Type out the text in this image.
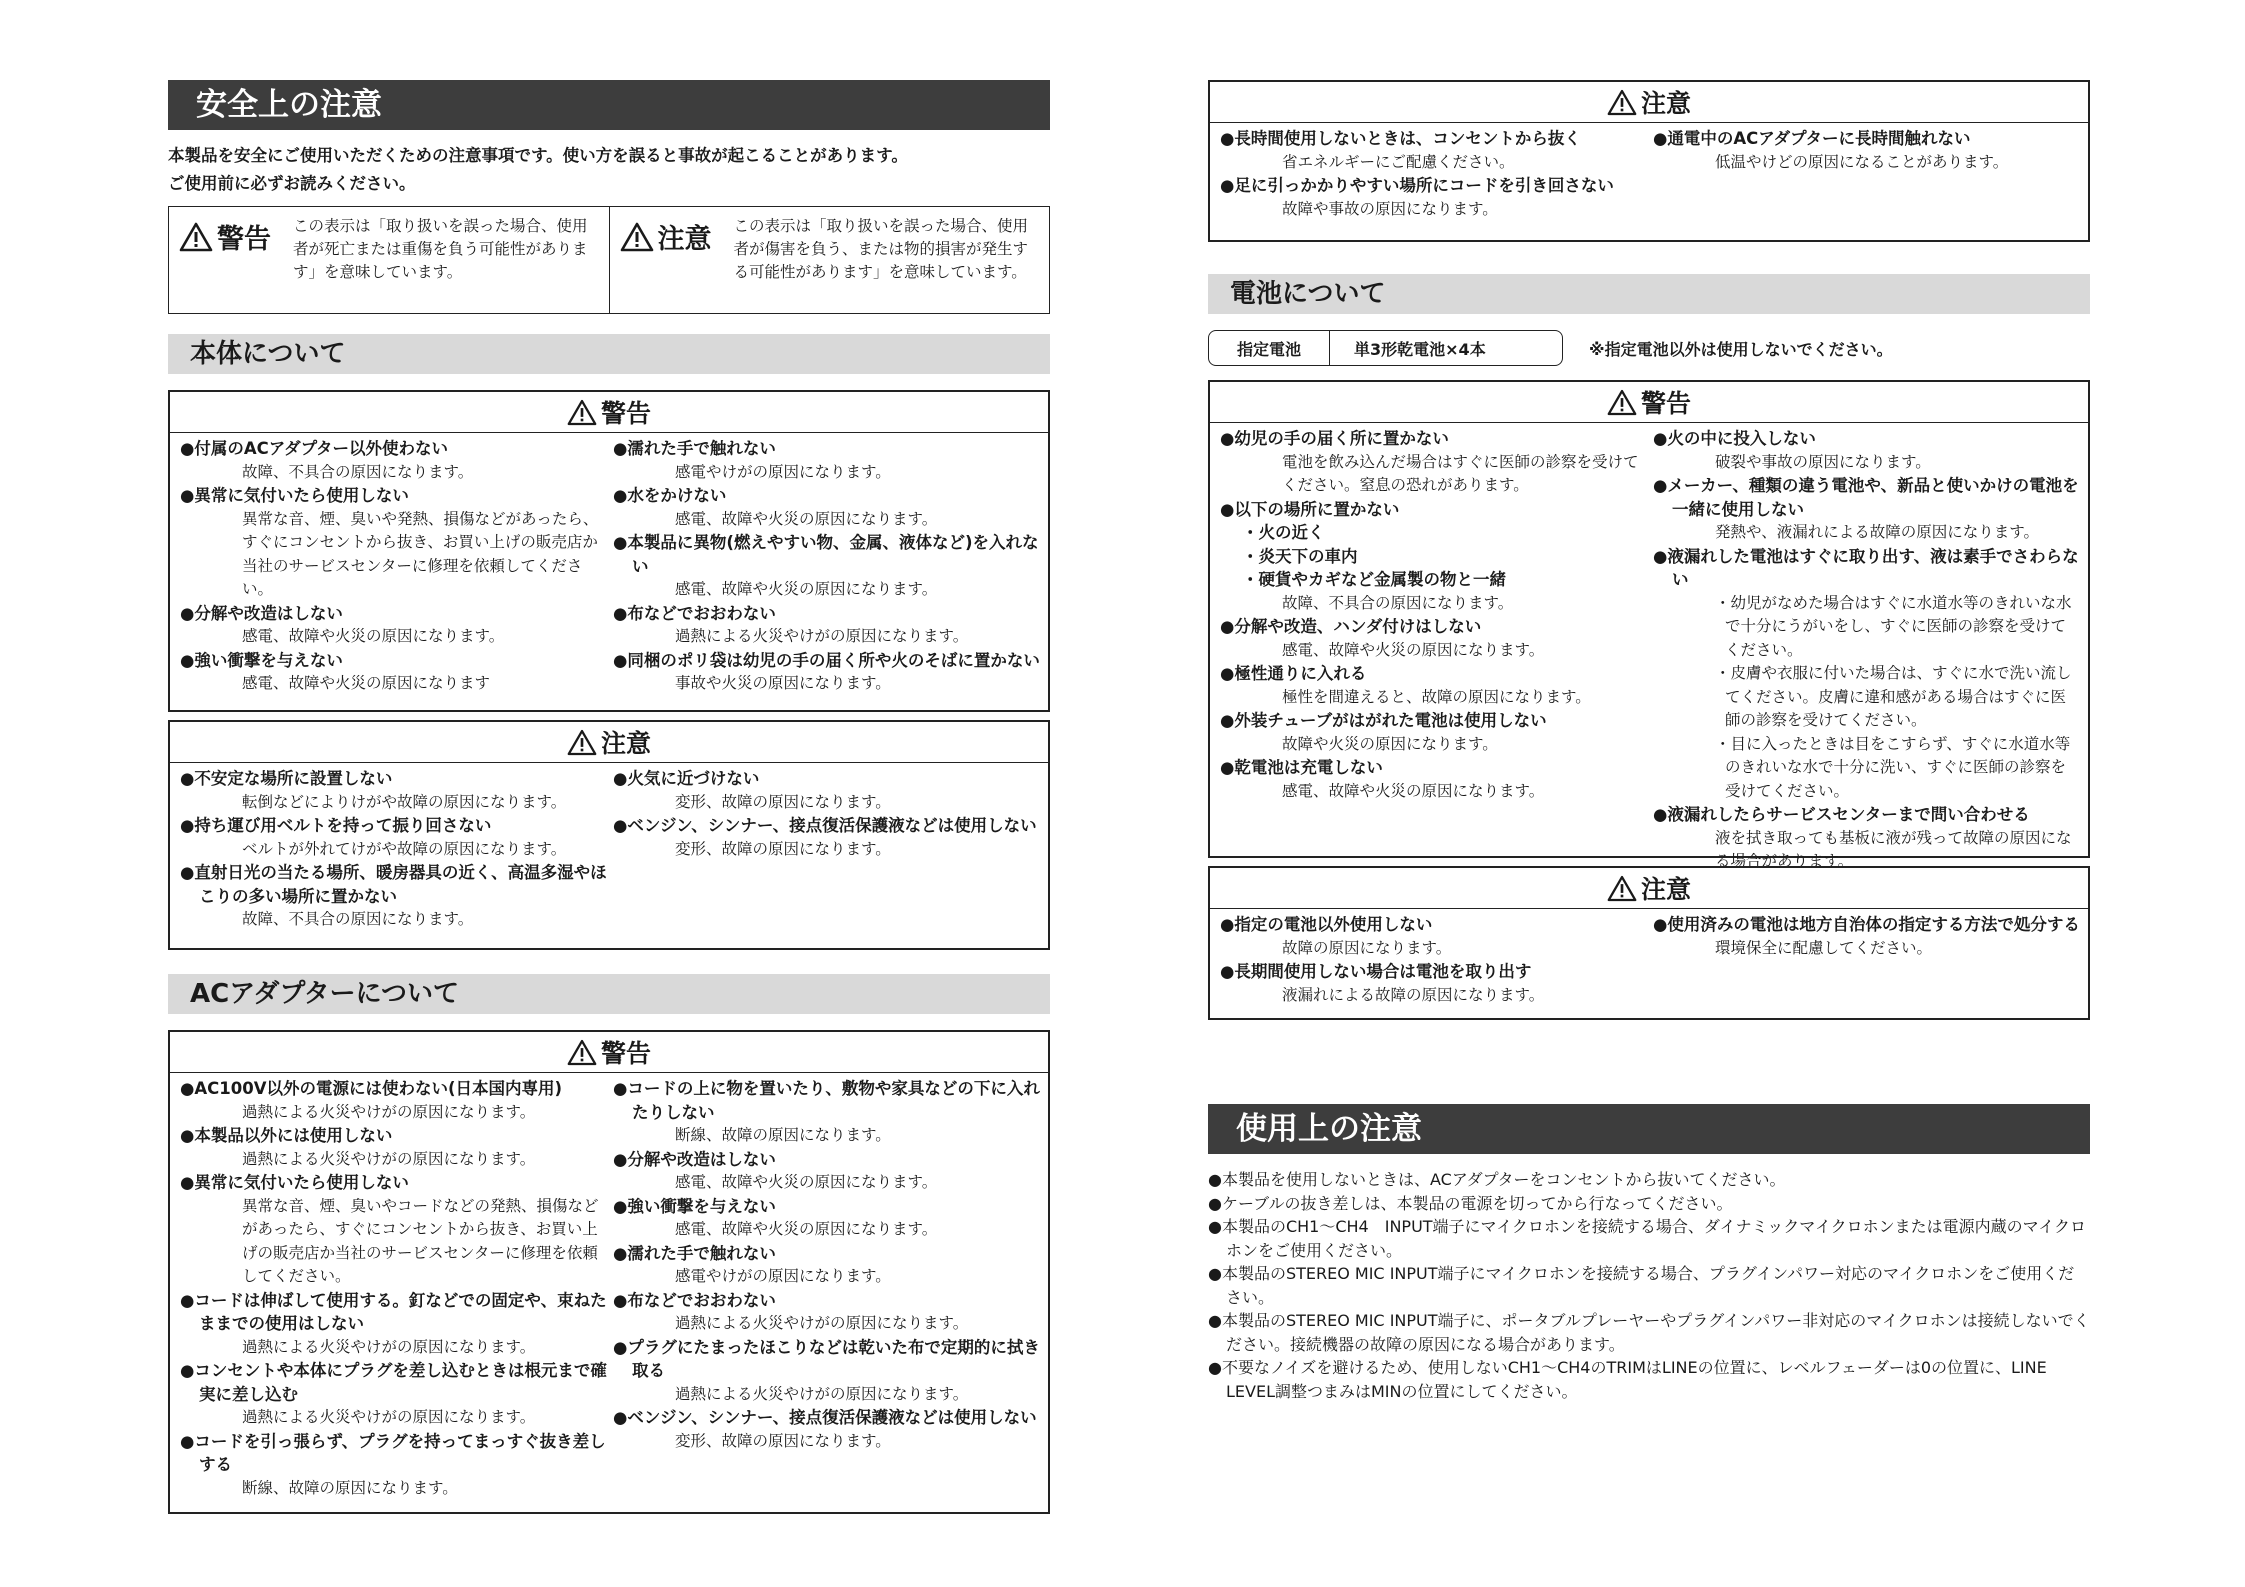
安全上の注意
本製品を安全にご使用いただくための注意事項です。使い方を誤ると事故が起こることがあります。
ご使用前に必ずお読みください。
警告 この表示は「取り扱いを誤った場合、使用者が死亡または重傷を負う可能性があります」を意味しています。
注意 この表示は「取り扱いを誤った場合、使用者が傷害を負う、または物的損害が発生する可能性があります」を意味しています。
本体について
警告
●付属のACアダプター以外使わない
故障、不具合の原因になります。
●異常に気付いたら使用しない
異常な音、煙、臭いや発熱、損傷などがあったら、すぐにコンセントから抜き、お買い上げの販売店か当社のサービスセンターに修理を依頼してください。
●分解や改造はしない
感電、故障や火災の原因になります。
●強い衝撃を与えない
感電、故障や火災の原因になります
●濡れた手で触れない
感電やけがの原因になります。
●水をかけない
感電、故障や火災の原因になります。
●本製品に異物(燃えやすい物、金属、液体など)を入れない
感電、故障や火災の原因になります。
●布などでおおわない
過熱による火災やけがの原因になります。
●同梱のポリ袋は幼児の手の届く所や火のそばに置かない
事故や火災の原因になります。
注意
●不安定な場所に設置しない
転倒などによりけがや故障の原因になります。
●持ち運び用ベルトを持って振り回さない
ベルトが外れてけがや故障の原因になります。
●直射日光の当たる場所、暖房器具の近く、高温多湿やほこりの多い場所に置かない
故障、不具合の原因になります。
●火気に近づけない
変形、故障の原因になります。
●ベンジン、シンナー、接点復活保護液などは使用しない
変形、故障の原因になります。
ACアダプターについて
警告
●AC100V以外の電源には使わない(日本国内専用)
過熱による火災やけがの原因になります。
●本製品以外には使用しない
過熱による火災やけがの原因になります。
●異常に気付いたら使用しない
異常な音、煙、臭いやコードなどの発熱、損傷などがあったら、すぐにコンセントから抜き、お買い上げの販売店か当社のサービスセンターに修理を依頼してください。
●コードは伸ばして使用する。釘などでの固定や、束ねたままでの使用はしない
過熱による火災やけがの原因になります。
●コンセントや本体にプラグを差し込むときは根元まで確実に差し込む
過熱による火災やけがの原因になります。
●コードを引っ張らず、プラグを持ってまっすぐ抜き差しする
断線、故障の原因になります。
●コードの上に物を置いたり、敷物や家具などの下に入れたりしない
断線、故障の原因になります。
●分解や改造はしない
感電、故障や火災の原因になります。
●強い衝撃を与えない
感電、故障や火災の原因になります。
●濡れた手で触れない
感電やけがの原因になります。
●布などでおおわない
過熱による火災やけがの原因になります。
●プラグにたまったほこりなどは乾いた布で定期的に拭き取る
過熱による火災やけがの原因になります。
●ベンジン、シンナー、接点復活保護液などは使用しない
変形、故障の原因になります。
注意
●長時間使用しないときは、コンセントから抜く
省エネルギーにご配慮ください。
●足に引っかかりやすい場所にコードを引き回さない
故障や事故の原因になります。
●通電中のACアダプターに長時間触れない
低温やけどの原因になることがあります。
電池について
指定電池	単3形乾電池×4本	※指定電池以外は使用しないでください。
警告
●幼児の手の届く所に置かない
電池を飲み込んだ場合はすぐに医師の診察を受けてください。窒息の恐れがあります。
●以下の場所に置かない
・火の近く
・炎天下の車内
・硬貨やカギなど金属製の物と一緒
故障、不具合の原因になります。
●分解や改造、ハンダ付けはしない
感電、故障や火災の原因になります。
●極性通りに入れる
極性を間違えると、故障の原因になります。
●外装チューブがはがれた電池は使用しない
故障や火災の原因になります。
●乾電池は充電しない
感電、故障や火災の原因になります。
●火の中に投入しない
破裂や事故の原因になります。
●メーカー、種類の違う電池や、新品と使いかけの電池を一緒に使用しない
発熱や、液漏れによる故障の原因になります。
●液漏れした電池はすぐに取り出す、液は素手でさわらない
・幼児がなめた場合はすぐに水道水等のきれいな水で十分にうがいをし、すぐに医師の診察を受けてください。
・皮膚や衣服に付いた場合は、すぐに水で洗い流してください。皮膚に違和感がある場合はすぐに医師の診察を受けてください。
・目に入ったときは目をこすらず、すぐに水道水等のきれいな水で十分に洗い、すぐに医師の診察を受けてください。
●液漏れしたらサービスセンターまで問い合わせる
液を拭き取っても基板に液が残って故障の原因になる場合があります。
注意
●指定の電池以外使用しない
故障の原因になります。
●長期間使用しない場合は電池を取り出す
液漏れによる故障の原因になります。
●使用済みの電池は地方自治体の指定する方法で処分する
環境保全に配慮してください。
使用上の注意
●本製品を使用しないときは、ACアダプターをコンセントから抜いてください。
●ケーブルの抜き差しは、本製品の電源を切ってから行なってください。
●本製品のCH1～CH4　INPUT端子にマイクロホンを接続する場合、ダイナミックマイクロホンまたは電源内蔵のマイクロホンをご使用ください。
●本製品のSTEREO MIC INPUT端子にマイクロホンを接続する場合、プラグインパワー対応のマイクロホンをご使用ください。
●本製品のSTEREO MIC INPUT端子に、ポータブルプレーヤーやプラグインパワー非対応のマイクロホンは接続しないでください。接続機器の故障の原因になる場合があります。
●不要なノイズを避けるため、使用しないCH1～CH4のTRIMはLINEの位置に、レベルフェーダーは0の位置に、LINE LEVEL調整つまみはMINの位置にしてください。
